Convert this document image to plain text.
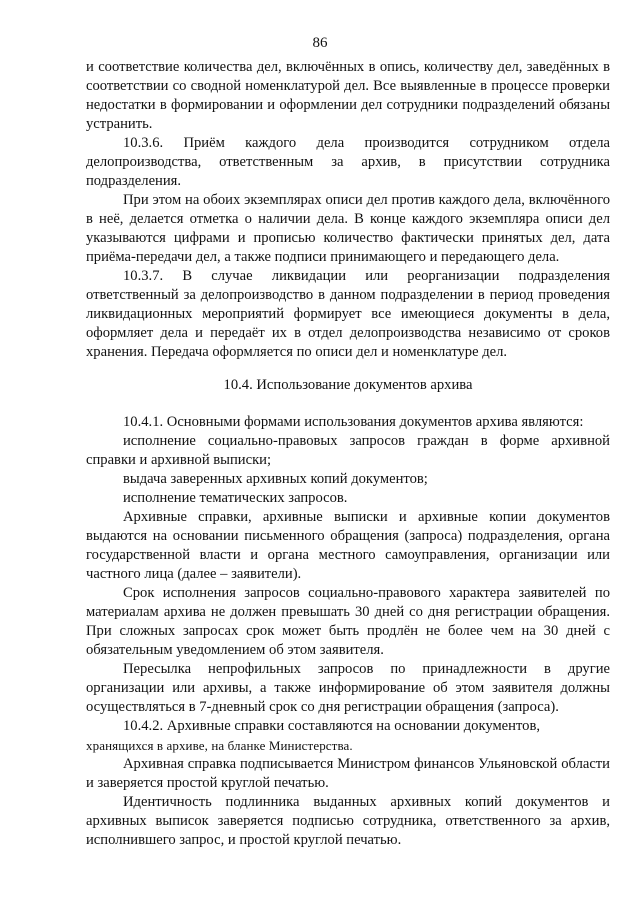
86

и соответствие количества дел, включённых в опись, количеству дел, заведённых в соответствии со сводной номенклатурой дел. Все выявленные в процессе проверки недостатки в формировании и оформлении дел сотрудники подразделений обязаны устранить.

10.3.6. Приём каждого дела производится сотрудником отдела делопроизводства, ответственным за архив, в присутствии сотрудника подразделения.

При этом на обоих экземплярах описи дел против каждого дела, включённого в неё, делается отметка о наличии дела. В конце каждого экземпляра описи дел указываются цифрами и прописью количество фактически принятых дел, дата приёма-передачи дел, а также подписи принимающего и передающего дела.

10.3.7. В случае ликвидации или реорганизации подразделения ответственный за делопроизводство в данном подразделении в период проведения ликвидационных мероприятий формирует все имеющиеся документы в дела, оформляет дела и передаёт их в отдел делопроизводства независимо от сроков хранения. Передача оформляется по описи дел и номенклатуре дел.

10.4. Использование документов архива

10.4.1. Основными формами использования документов архива являются:

исполнение социально-правовых запросов граждан в форме архивной справки и архивной выписки;

выдача заверенных архивных копий документов;

исполнение тематических запросов.

Архивные справки, архивные выписки и архивные копии документов выдаются на основании письменного обращения (запроса) подразделения, органа государственной власти и органа местного самоуправления, организации или частного лица (далее – заявители).

Срок исполнения запросов социально-правового характера заявителей по материалам архива не должен превышать 30 дней со дня регистрации обращения. При сложных запросах срок может быть продлён не более чем на 30 дней с обязательным уведомлением об этом заявителя.

Пересылка непрофильных запросов по принадлежности в другие организации или архивы, а также информирование об этом заявителя должны осуществляться в 7-дневный срок со дня регистрации обращения (запроса).

10.4.2. Архивные справки составляются на основании документов,

хранящихся в архиве, на бланке Министерства.

Архивная справка подписывается Министром финансов Ульяновской области и заверяется простой круглой печатью.

Идентичность подлинника выданных архивных копий документов и архивных выписок заверяется подписью сотрудника, ответственного за архив, исполнившего запрос, и простой круглой печатью.
